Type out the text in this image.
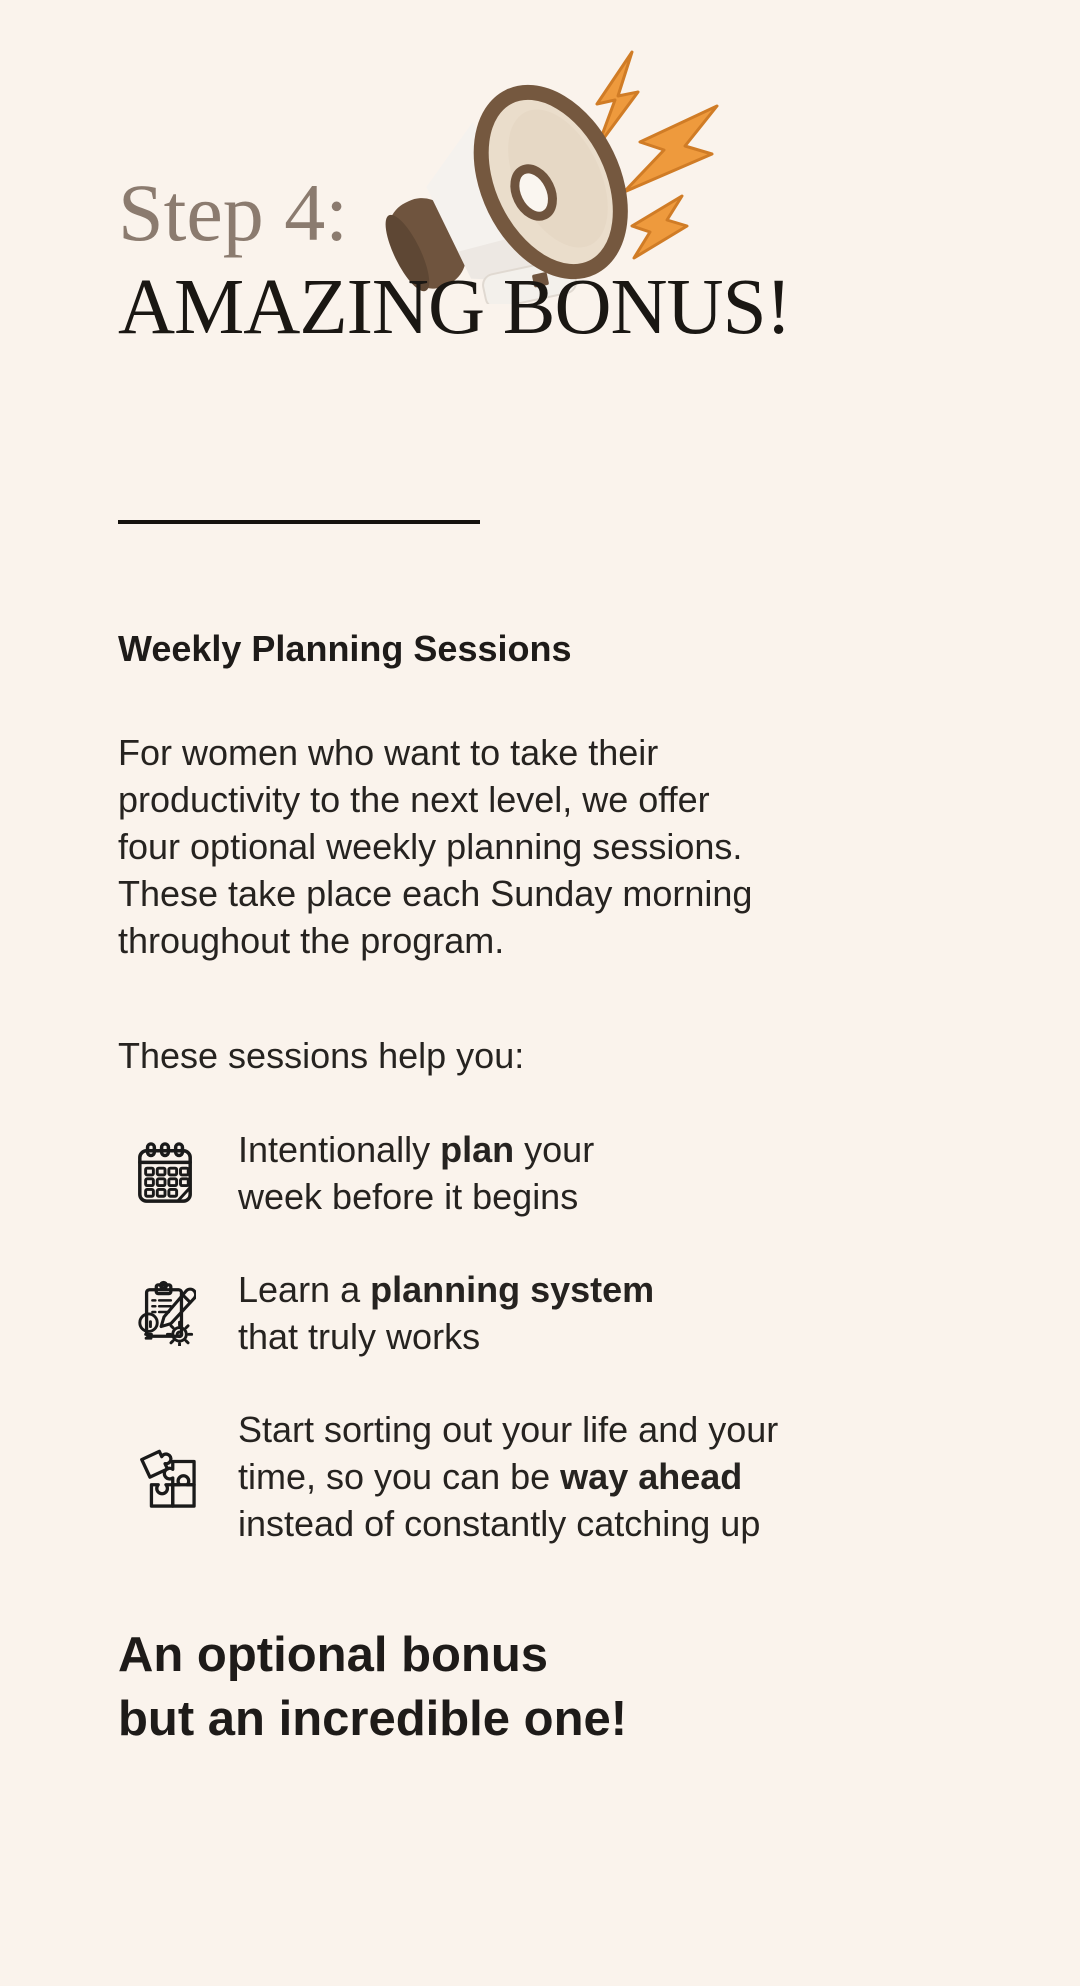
Step 4:
AMAZING BONUS!
Weekly Planning Sessions
For women who want to take their
productivity to the next level, we offer
four optional weekly planning sessions.
These take place each Sunday morning
throughout the program.
These sessions help you:
Intentionally plan your
week before it begins
Learn a planning system
that truly works
Start sorting out your life and your
time, so you can be way ahead
instead of constantly catching up
An optional bonus
but an incredible one!
